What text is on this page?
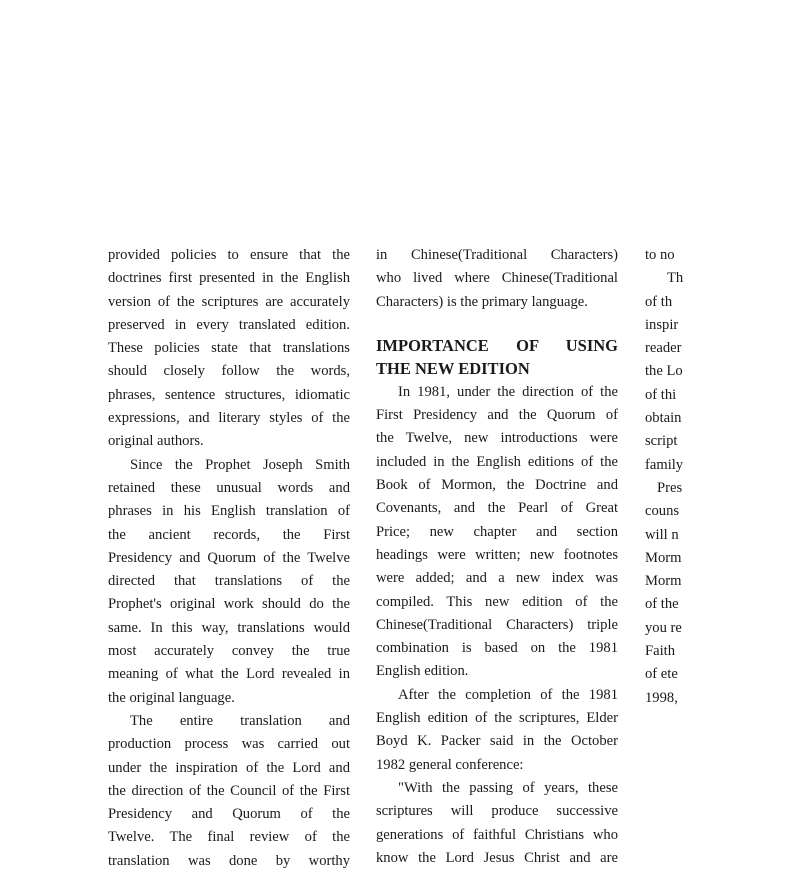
provided policies to ensure that the

doctrines first presented in the English

version of the scriptures are accurately

preserved in every translated edition.

These policies state that translations

should closely follow the words,

phrases, sentence structures, idiomatic

expressions, and literary styles of the

original authors.

Since the Prophet Joseph Smith

retained these unusual words and

phrases in his English translation of

the ancient records, the First

Presidency and Quorum of the Twelve

directed that translations of the

Prophet's original work should do the

same. In this way, translations would

most accurately convey the true

meaning of what the Lord revealed in

the original language.

The entire translation and

production process was carried out

under the inspiration of the Lord and

the direction of the Council of the First

Presidency and Quorum of the

Twelve. The final review of the

translation was done by worthy

in Chinese(Traditional Characters)

who lived where Chinese(Traditional

Characters) is the primary language.

IMPORTANCE OF USING
THE NEW EDITION

In 1981, under the direction of the

First Presidency and the Quorum of

the Twelve, new introductions were

included in the English editions of the

Book of Mormon, the Doctrine and

Covenants, and the Pearl of Great

Price; new chapter and section

headings were written; new footnotes

were added; and a new index was

compiled. This new edition of the

Chinese(Traditional Characters) triple

combination is based on the 1981

English edition.

After the completion of the 1981

English edition of the scriptures, Elder

Boyd K. Packer said in the October

1982 general conference:

"With the passing of years, these

scriptures will produce successive

generations of faithful Christians who

know the Lord Jesus Christ and are

to no
Th
of th
inspir
reader
the Lo
of thi
obtain
script
family
Pres
couns
will n
Morm
Morm
of the
you re
Faith
of ete
1998,
